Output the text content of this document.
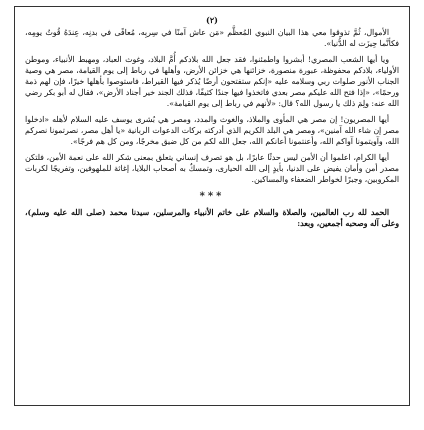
(٢)

الأموال، ثُمَّ تذوقوا معي هذا البيان النبوي المُعظَّم «مَن عاش آمنًا في سِربِه، مُعافًى في بدنِه، عِندَهُ قُوتُ يومِه، فكأنَّما حِيزَت له الدُّنيا».

ويا أيها الشعب المصري! أبشروا واطمئنوا، فقد جعل الله بلادكم أُمَّ البلاد، وغوث العباد، ومهبط الأنبياء، وموطن الأولياء، بلادكم محفوظة، عبورة منصورة، خزائنها هي خزائن الأرض، وأهلها في رباط إلى يوم القيامة، مصر هي وصية الجناب الأنور صلوات ربي وسلامه عليه «إنكم ستفتحون أرضًا يُذكر فيها القيراط، فاستوصوا بأهلها خيرًا، فإن لهم ذمة ورحمًا»، «إذا فتح الله عليكم مصر بعدي فاتخذوا فيها جندًا كثيفًا، فذلك الجند خير أجناد الأرض»، فقال له أبو بكر رضي الله عنه: ولِمَ ذلك يا رسول الله؟ قال: «لأنهم في رباط إلى يوم القيامة».

أيها المصريون! إن مصر هي المأوى والملاذ، والغوث والمدد، ومصر هي بُشرى يوسف عليه السلام لأهله «ادخلوا مصر إن شاء الله آمنين»، ومصر هي البلد الكريم الذي أدركته بركات الدعوات الربانية «يا أهل مصر، نصرتمونا نصركم الله، وآويتمونا آواكم الله، وأعنتمونا أعانكم الله، جعل الله لكم من كل ضيق مخرجًا، ومن كل هم فرجًا».

أيها الكرام، اعلموا أن الأمن ليس حدثًا عابرًا، بل هو تصرف إنساني يتعلق بمعنى شكر الله على نعمة الأمن، فلتكن مصدر أمن وأمان يفيض على الدنيا، بأيدٍ إلى الله الحيارى، وتمسكٌ به أصحاب البلايا، إغاثة للملهوفين، وتفريجًا لكربات المكروبين، وجبرًا لخواطر الضعفاء والمساكين.

***

الحمد لله رب العالمين، والصلاة والسلام على خاتم الأنبياء والمرسلين، سيدنا محمد (صلى الله عليه وسلم)، وعلى آله وصحبه أجمعين، وبعد:
